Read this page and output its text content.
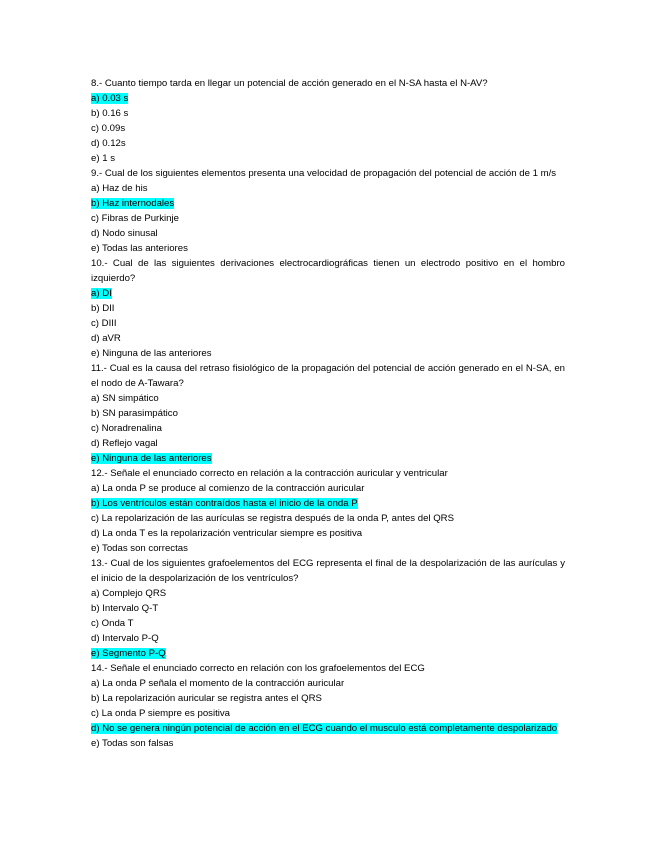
8.- Cuanto tiempo tarda en llegar un potencial de acción generado en el N-SA hasta el N-AV?
a) 0.03 s
b) 0.16 s
c) 0.09s
d) 0.12s
e) 1 s
9.- Cual de los siguientes elementos presenta una velocidad de propagación del potencial de acción de 1 m/s
a) Haz de his
b) Haz internodales
c) Fibras de Purkinje
d) Nodo sinusal
e) Todas las anteriores
10.- Cual de las siguientes derivaciones electrocardiográficas tienen un electrodo positivo en el hombro izquierdo?
a) DI
b) DII
c) DIII
d) aVR
e) Ninguna de las anteriores
11.- Cual es la causa del retraso fisiológico de la propagación del potencial de acción generado en el N-SA, en el nodo de A-Tawara?
a) SN simpático
b) SN parasimpático
c) Noradrenalina
d) Reflejo vagal
e) Ninguna de las anteriores
12.- Señale el enunciado correcto en relación a la contracción auricular y ventricular
a) La onda P se produce al comienzo de la contracción auricular
b) Los ventrículos están contraídos hasta el inicio de la onda P
c) La repolarización de las aurículas se registra después de la onda P, antes del QRS
d) La onda T es la repolarización ventricular siempre es positiva
e) Todas son correctas
13.- Cual de los siguientes grafoelementos del ECG representa el final de la despolarización de las aurículas y el inicio de la despolarización de los ventrículos?
a) Complejo QRS
b) Intervalo Q-T
c) Onda T
d) Intervalo P-Q
e) Segmento P-Q
14.- Señale el enunciado correcto en relación con los grafoelementos del ECG
a) La onda P señala el momento de la contracción auricular
b) La repolarización auricular se registra antes el QRS
c) La onda P siempre es positiva
d) No se genera ningún potencial de acción en el ECG cuando el musculo está completamente despolarizado
e) Todas son falsas
